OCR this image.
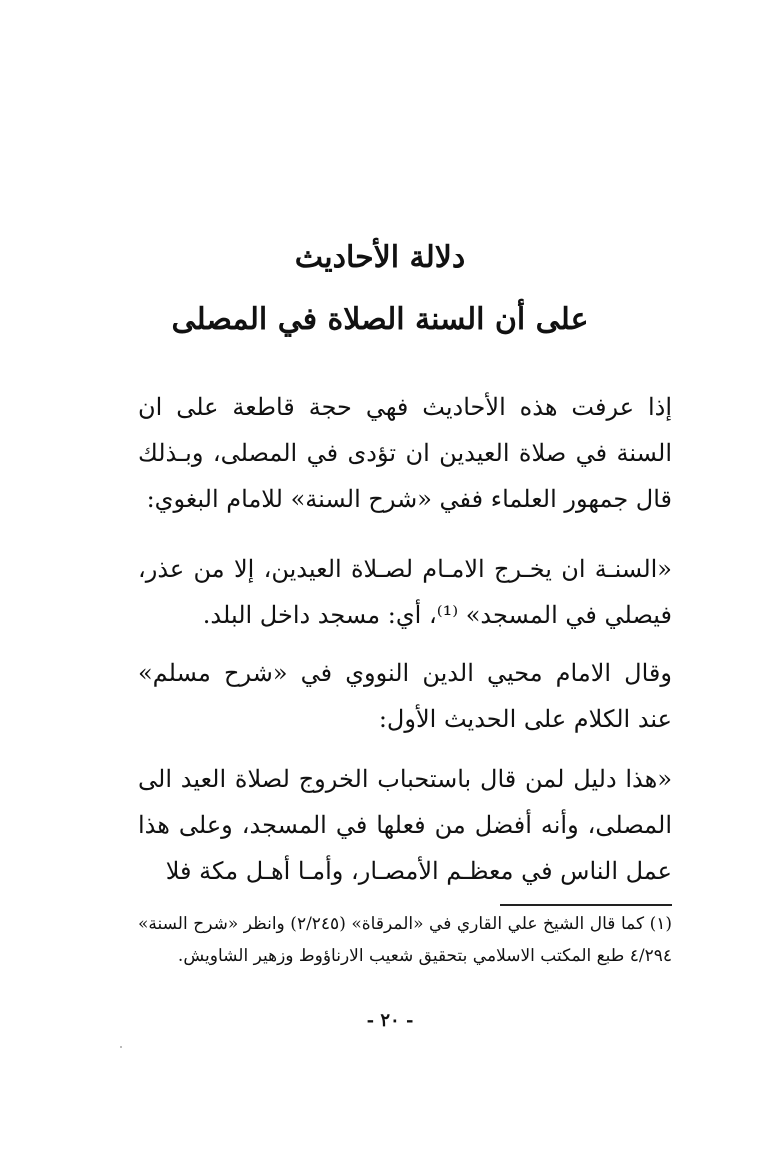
دلالة الأحاديث
على أن السنة الصلاة في المصلى

إذا عرفت هذه الأحاديث فهي حجة قاطعة على ان السنة في صلاة العيدين ان تؤدى في المصلى، وبـذلك قال جمهور العلماء ففي «شرح السنة» للامام البغوي:

«السنـة ان يخـرج الامـام لصـلاة العيدين، إلا من عذر، فيصلي في المسجد» ⁽¹⁾، أي: مسجد داخل البلد.

وقال الامام محيي الدين النووي في «شرح مسلم» عند الكلام على الحديث الأول:

«هذا دليل لمن قال باستحباب الخروج لصلاة العيد الى المصلى، وأنه أفضل من فعلها في المسجد، وعلى هذا عمل الناس في معظـم الأمصـار، وأمـا أهـل مكة فلا

(١) كما قال الشيخ علي القاري في «المرقاة» (٢/٢٤٥) وانظر «شرح السنة» ٤/٢٩٤ طبع المكتب الاسلامي بتحقيق شعيب الارناؤوط وزهير الشاويش.

- ٢٠ -
